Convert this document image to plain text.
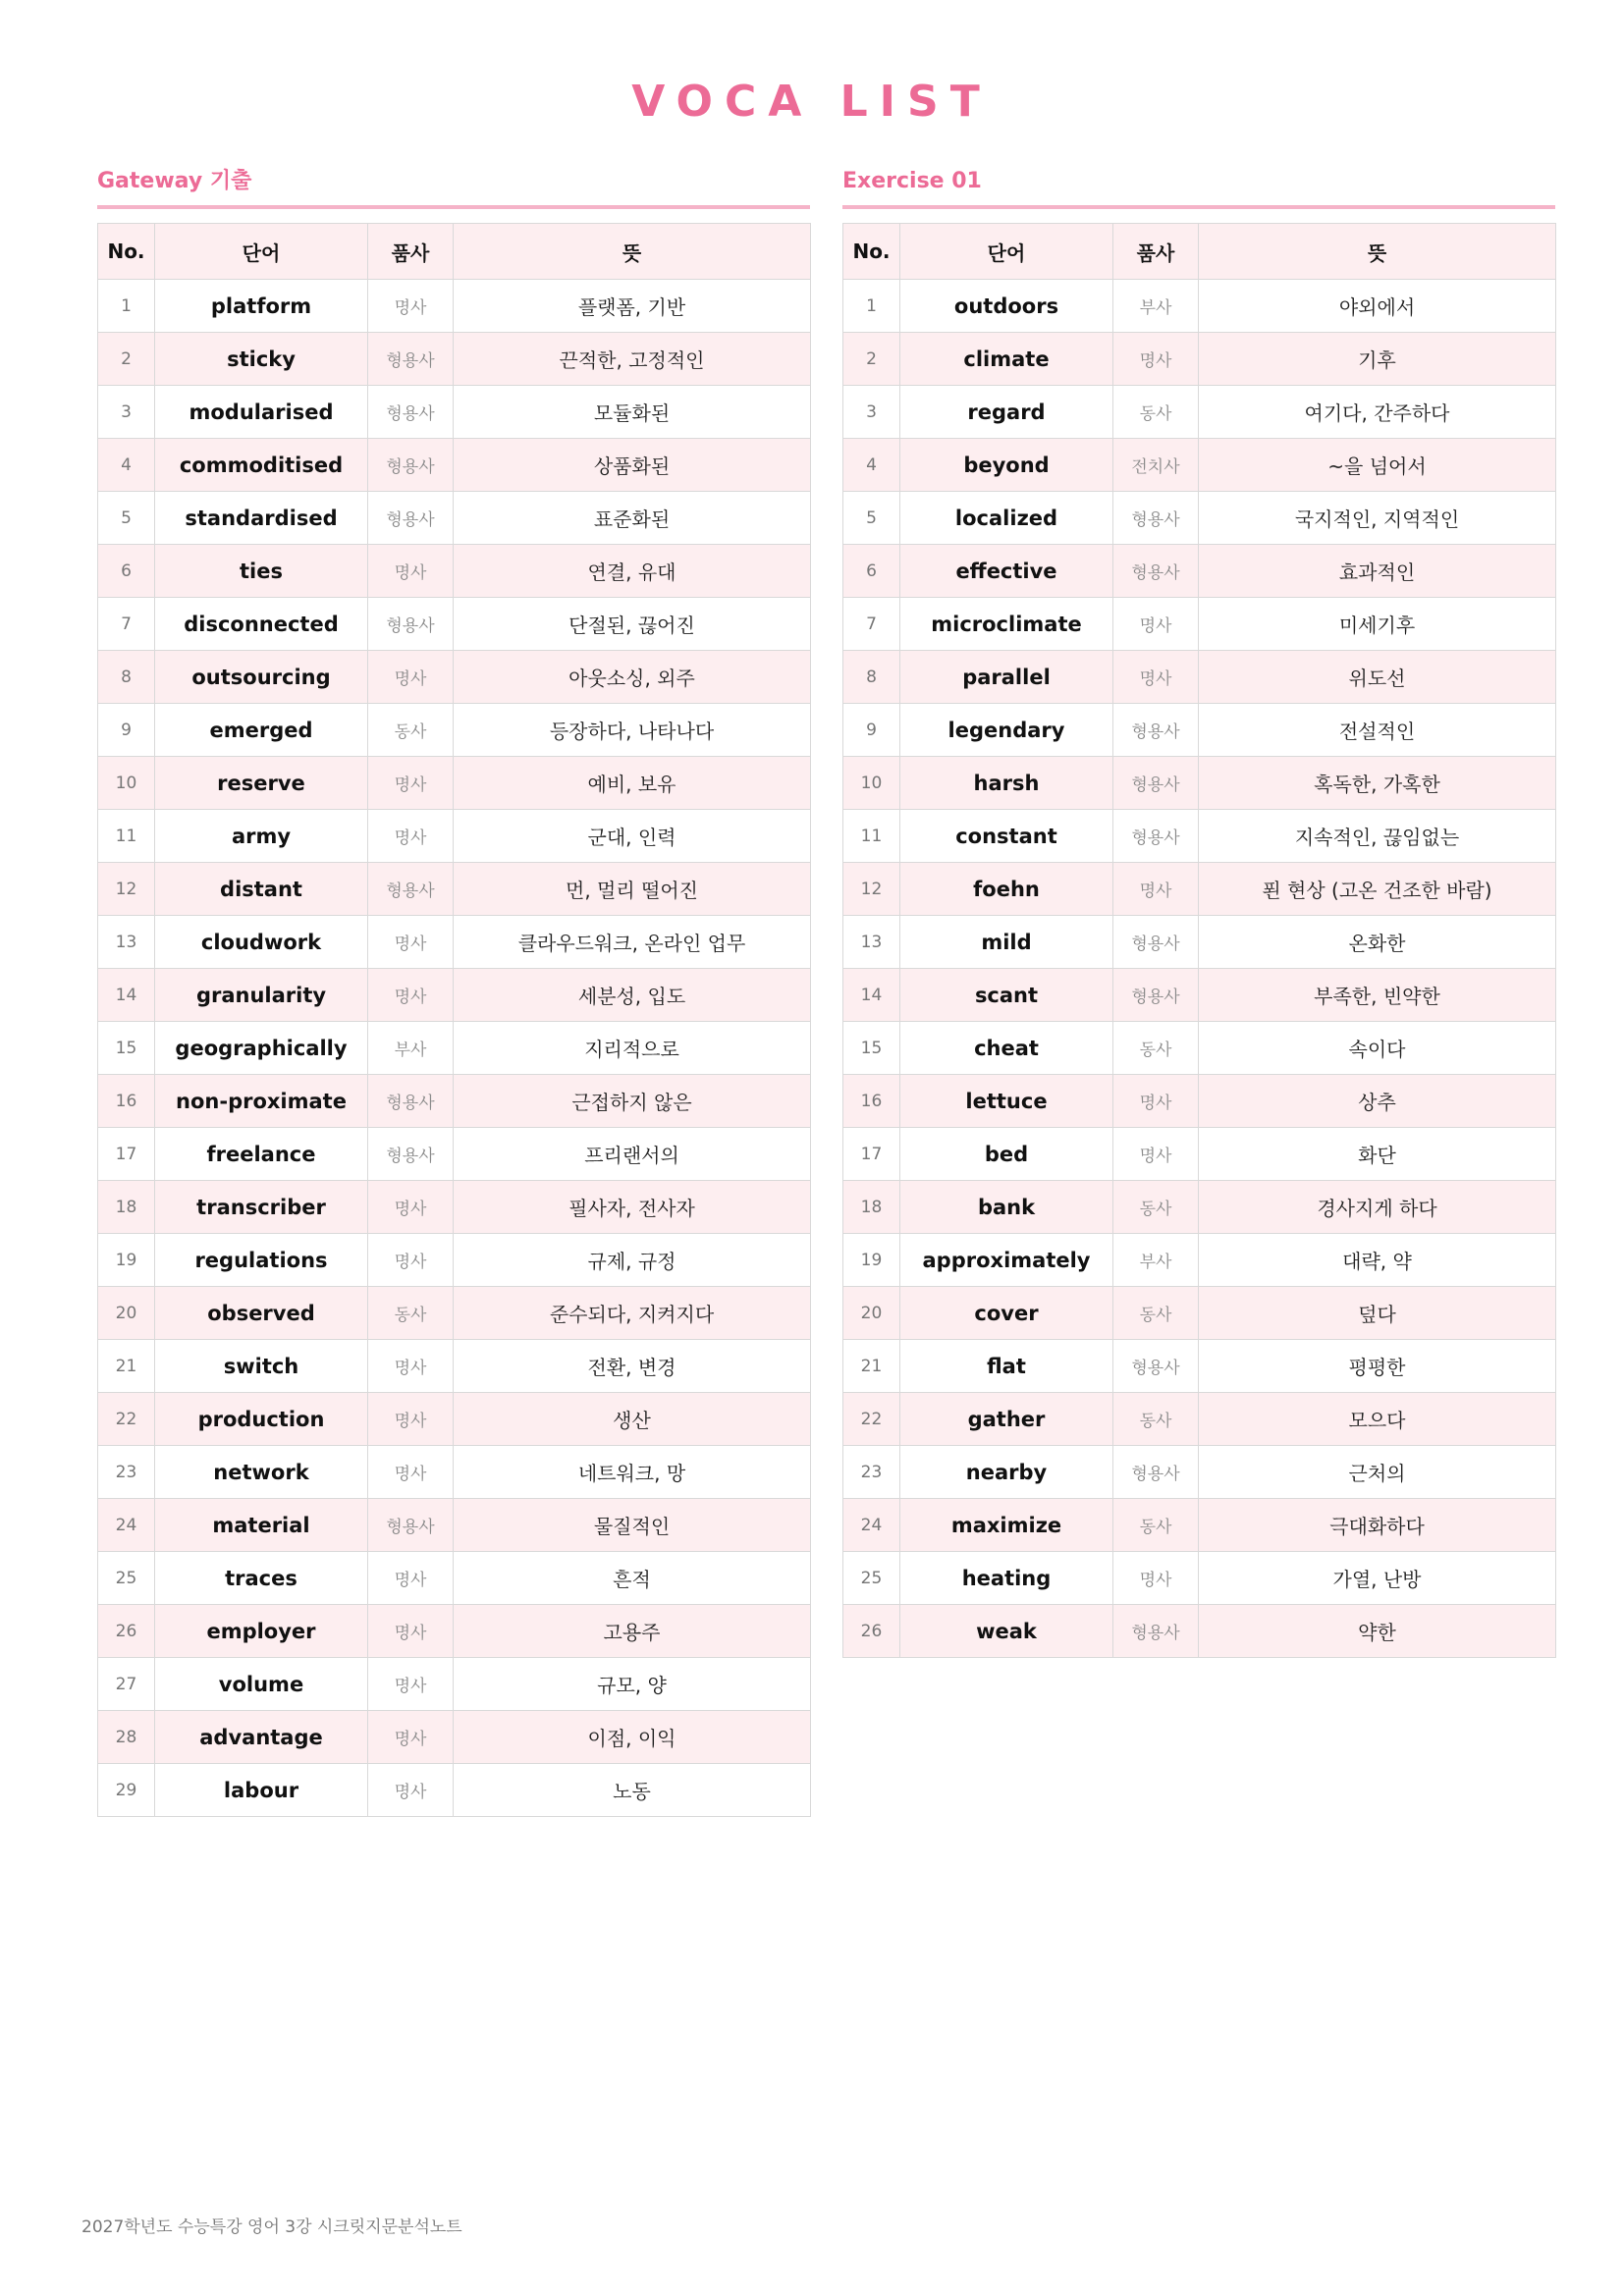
VOCA LIST
Gateway 기출
No.	단어	품사	뜻
1	platform	명사	플랫폼, 기반
2	sticky	형용사	끈적한, 고정적인
3	modularised	형용사	모듈화된
4	commoditised	형용사	상품화된
5	standardised	형용사	표준화된
6	ties	명사	연결, 유대
7	disconnected	형용사	단절된, 끊어진
8	outsourcing	명사	아웃소싱, 외주
9	emerged	동사	등장하다, 나타나다
10	reserve	명사	예비, 보유
11	army	명사	군대, 인력
12	distant	형용사	먼, 멀리 떨어진
13	cloudwork	명사	클라우드워크, 온라인 업무
14	granularity	명사	세분성, 입도
15	geographically	부사	지리적으로
16	non-proximate	형용사	근접하지 않은
17	freelance	형용사	프리랜서의
18	transcriber	명사	필사자, 전사자
19	regulations	명사	규제, 규정
20	observed	동사	준수되다, 지켜지다
21	switch	명사	전환, 변경
22	production	명사	생산
23	network	명사	네트워크, 망
24	material	형용사	물질적인
25	traces	명사	흔적
26	employer	명사	고용주
27	volume	명사	규모, 양
28	advantage	명사	이점, 이익
29	labour	명사	노동
Exercise 01
No.	단어	품사	뜻
1	outdoors	부사	야외에서
2	climate	명사	기후
3	regard	동사	여기다, 간주하다
4	beyond	전치사	~을 넘어서
5	localized	형용사	국지적인, 지역적인
6	effective	형용사	효과적인
7	microclimate	명사	미세기후
8	parallel	명사	위도선
9	legendary	형용사	전설적인
10	harsh	형용사	혹독한, 가혹한
11	constant	형용사	지속적인, 끊임없는
12	foehn	명사	푄 현상 (고온 건조한 바람)
13	mild	형용사	온화한
14	scant	형용사	부족한, 빈약한
15	cheat	동사	속이다
16	lettuce	명사	상추
17	bed	명사	화단
18	bank	동사	경사지게 하다
19	approximately	부사	대략, 약
20	cover	동사	덮다
21	flat	형용사	평평한
22	gather	동사	모으다
23	nearby	형용사	근처의
24	maximize	동사	극대화하다
25	heating	명사	가열, 난방
26	weak	형용사	약한
2027학년도 수능특강 영어 3강 시크릿지문분석노트
